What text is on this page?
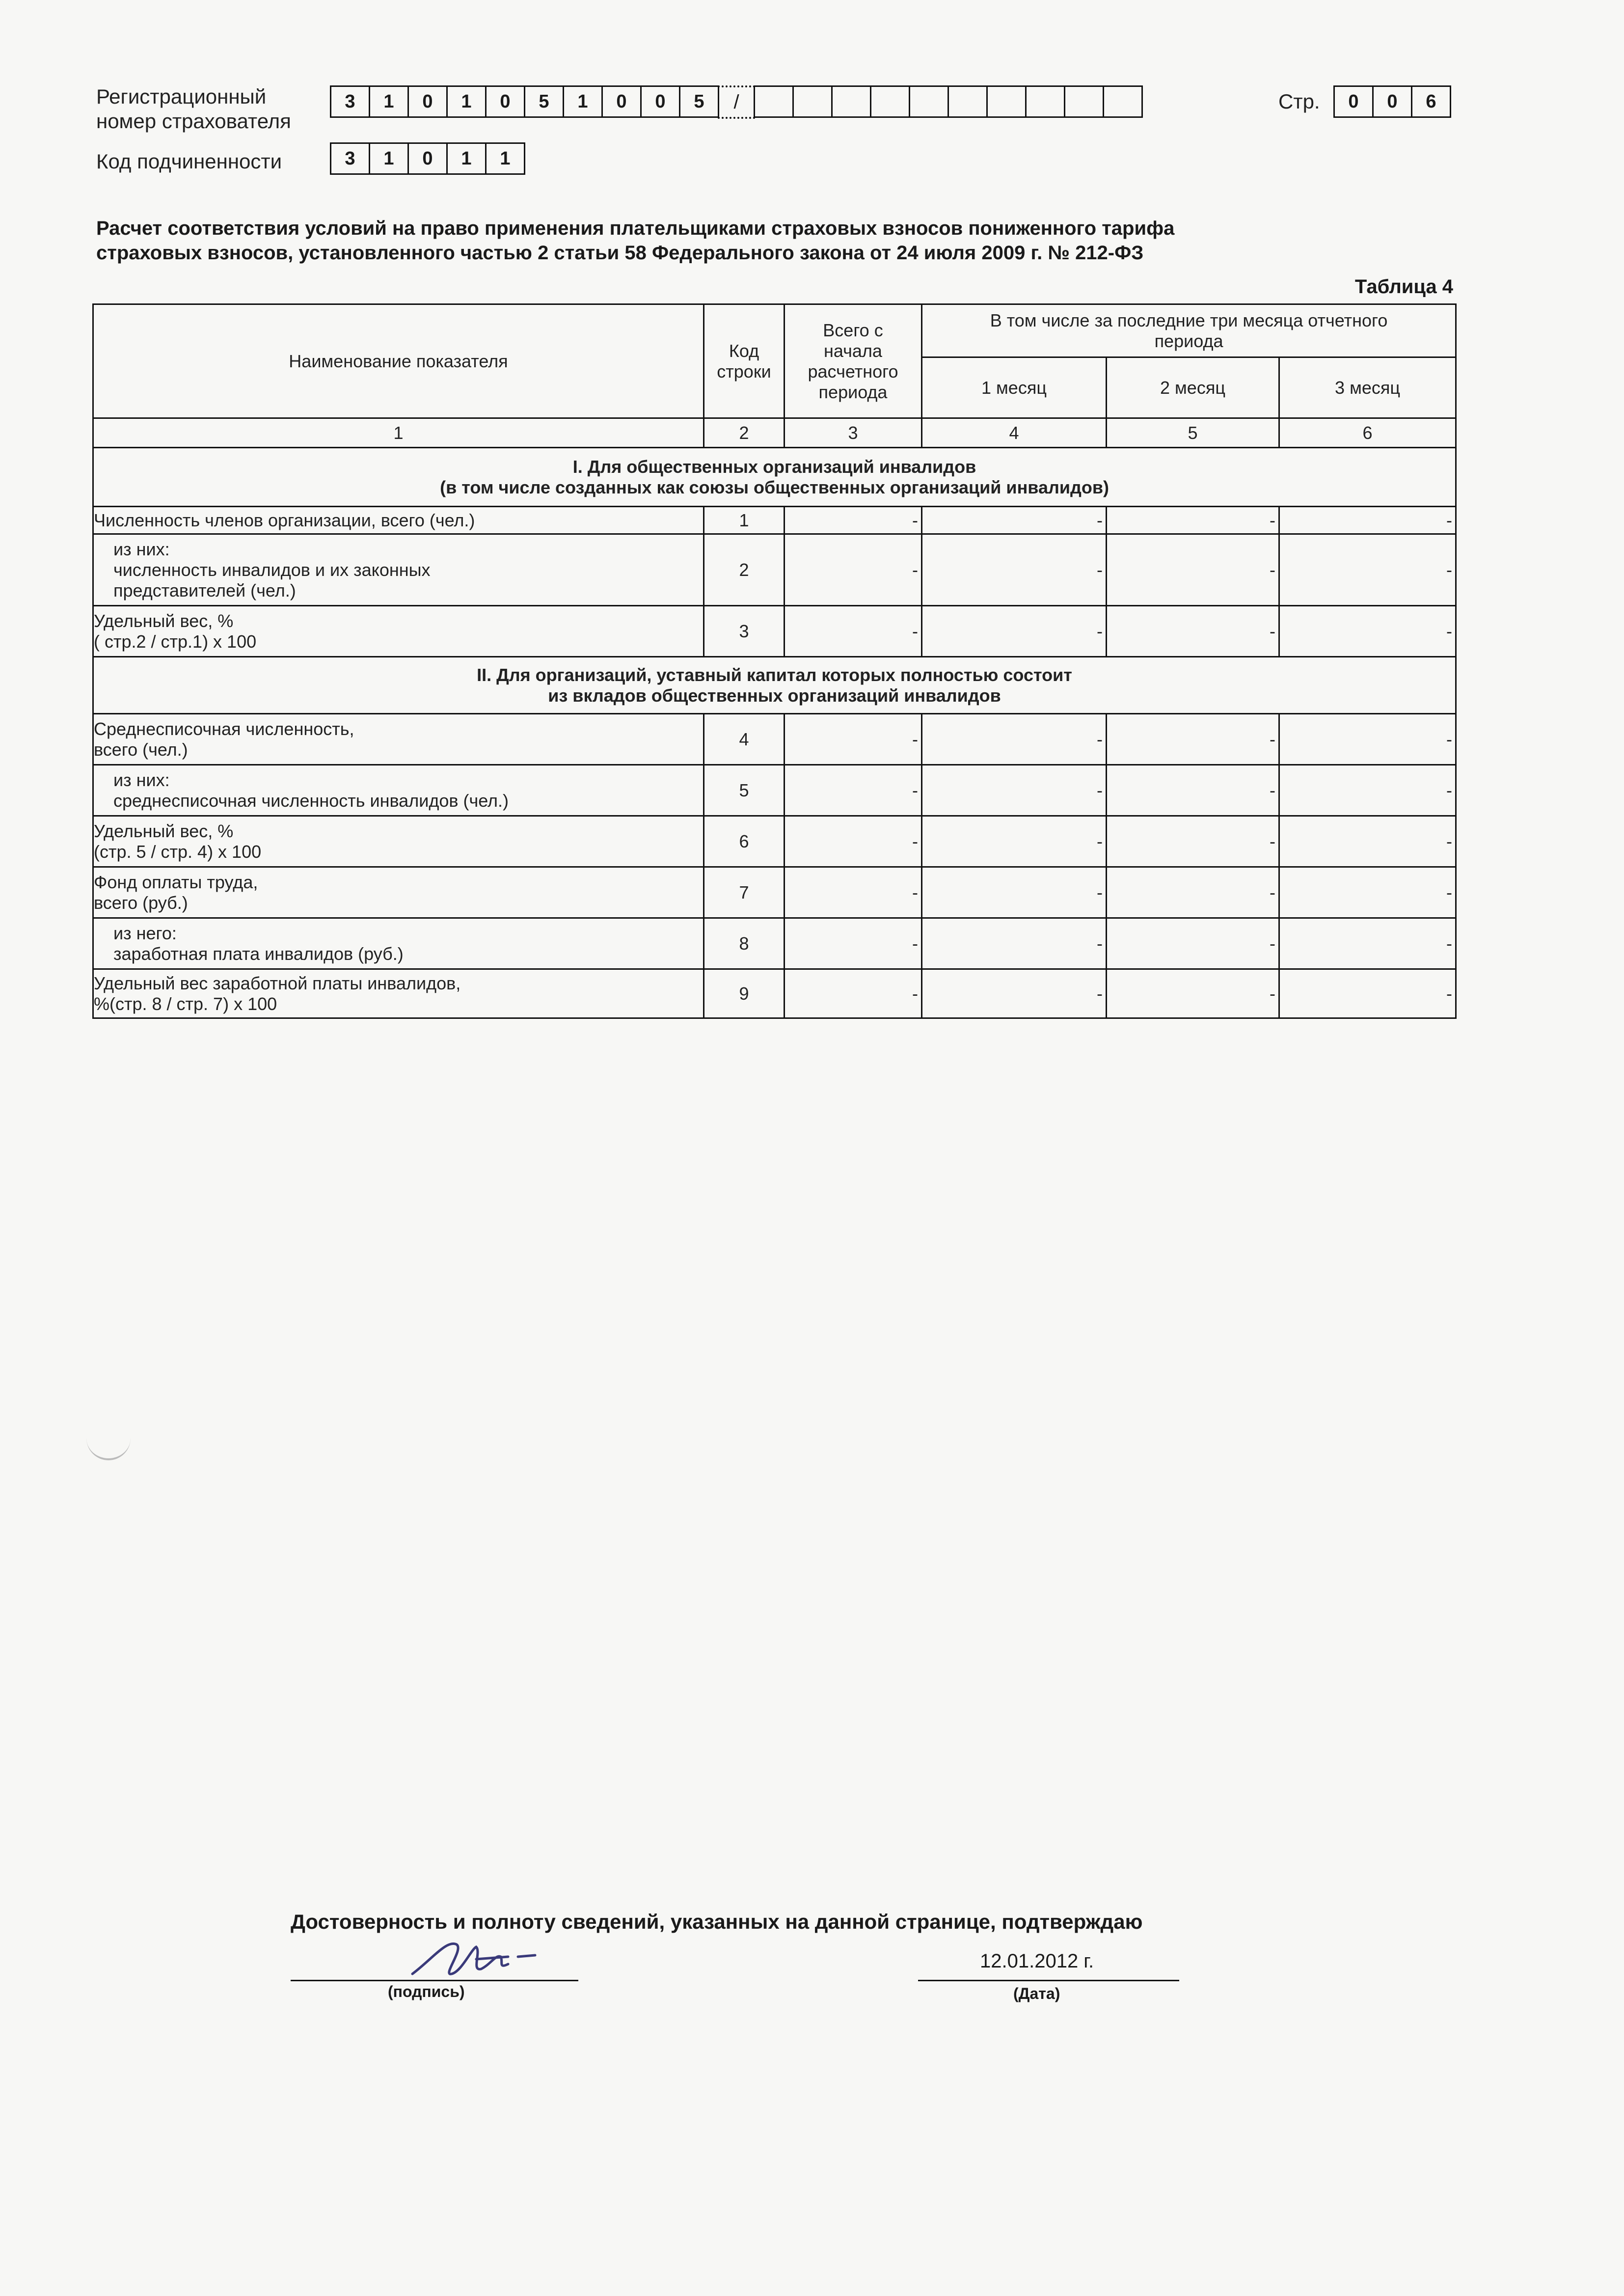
Регистрационный
номер страхователя
3	1	0	1	0	5	1	0	0	5	/	Стр.	0	0	6
Код подчиненности	3	1	0	1	1
Расчет соответствия условий на право применения плательщиками страховых взносов пониженного тарифа
страховых взносов, установленного частью 2 статьи 58 Федерального закона от 24 июля 2009 г. № 212-ФЗ
Таблица 4
Наименование показателя	Код строки	Всего с начала расчетного периода	В том числе за последние три месяца отчетного периода		
			1 месяц	2 месяц	3 месяц
1	2	3	4	5	6

I. Для общественных организаций инвалидов
(в том числе созданных как союзы общественных организаций инвалидов)					

Численность членов организации, всего (чел.)	1	-	-	-	-

из них:
численность инвалидов и их законных
представителей (чел.)	2	-	-	-	-

Удельный вес, %
( стр.2 / стр.1) х 100	3	-	-	-	-

II. Для организаций, уставный капитал которых полностью состоит
из вкладов общественных организаций инвалидов					

Среднесписочная численность,
всего (чел.)	4	-	-	-	-

из них:
среднесписочная численность инвалидов (чел.)	5	-	-	-	-

Удельный вес, %
(стр. 5 / стр. 4) х 100	6	-	-	-	-

Фонд оплаты труда,
всего (руб.)	7	-	-	-	-

из него:
заработная плата инвалидов (руб.)	8	-	-	-	-

Удельный вес заработной платы инвалидов,
%(стр. 8 / стр. 7) х 100	9	-	-	-	-
Достоверность и полноту сведений, указанных на данной странице, подтверждаю
(подпись)
12.01.2012 г.
(Дата)
